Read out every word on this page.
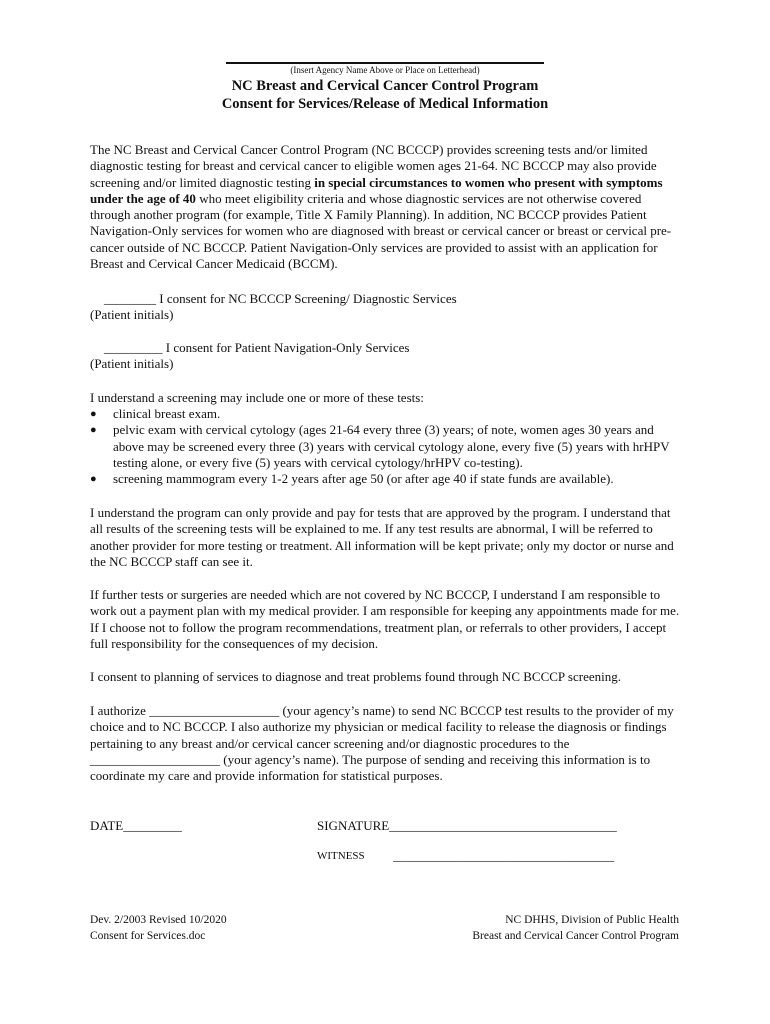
(Insert Agency Name Above or Place on Letterhead)
NC Breast and Cervical Cancer Control Program
Consent for Services/Release of Medical Information

The NC Breast and Cervical Cancer Control Program (NC BCCCP) provides screening tests and/or limited diagnostic testing for breast and cervical cancer to eligible women ages 21-64. NC BCCCP may also provide screening and/or limited diagnostic testing in special circumstances to women who present with symptoms under the age of 40 who meet eligibility criteria and whose diagnostic services are not otherwise covered through another program (for example, Title X Family Planning). In addition, NC BCCCP provides Patient Navigation-Only services for women who are diagnosed with breast or cervical cancer or breast or cervical pre-cancer outside of NC BCCCP. Patient Navigation-Only services are provided to assist with an application for Breast and Cervical Cancer Medicaid (BCCM).

________ I consent for NC BCCCP Screening/ Diagnostic Services
(Patient initials)
_________ I consent for Patient Navigation-Only Services
(Patient initials)
I understand a screening may include one or more of these tests:
● clinical breast exam.
● pelvic exam with cervical cytology (ages 21-64 every three (3) years; of note, women ages 30 years and above may be screened every three (3) years with cervical cytology alone, every five (5) years with hrHPV testing alone, or every five (5) years with cervical cytology/hrHPV co-testing).
● screening mammogram every 1-2 years after age 50 (or after age 40 if state funds are available).

I understand the program can only provide and pay for tests that are approved by the program. I understand that all results of the screening tests will be explained to me. If any test results are abnormal, I will be referred to another provider for more testing or treatment. All information will be kept private; only my doctor or nurse and the NC BCCCP staff can see it.

If further tests or surgeries are needed which are not covered by NC BCCCP, I understand I am responsible to work out a payment plan with my medical provider. I am responsible for keeping any appointments made for me. If I choose not to follow the program recommendations, treatment plan, or referrals to other providers, I accept full responsibility for the consequences of my decision.

I consent to planning of services to diagnose and treat problems found through NC BCCCP screening.

I authorize ____________________ (your agency’s name) to send NC BCCCP test results to the provider of my choice and to NC BCCCP. I also authorize my physician or medical facility to release the diagnosis or findings pertaining to any breast and/or cervical cancer screening and/or diagnostic procedures to the ____________________ (your agency’s name). The purpose of sending and receiving this information is to coordinate my care and provide information for statistical purposes.

DATE_________	SIGNATURE___________________________________
WITNESS __________________________________
Dev. 2/2003 Revised 10/2020
Consent for Services.doc
NC DHHS, Division of Public Health
Breast and Cervical Cancer Control Program
